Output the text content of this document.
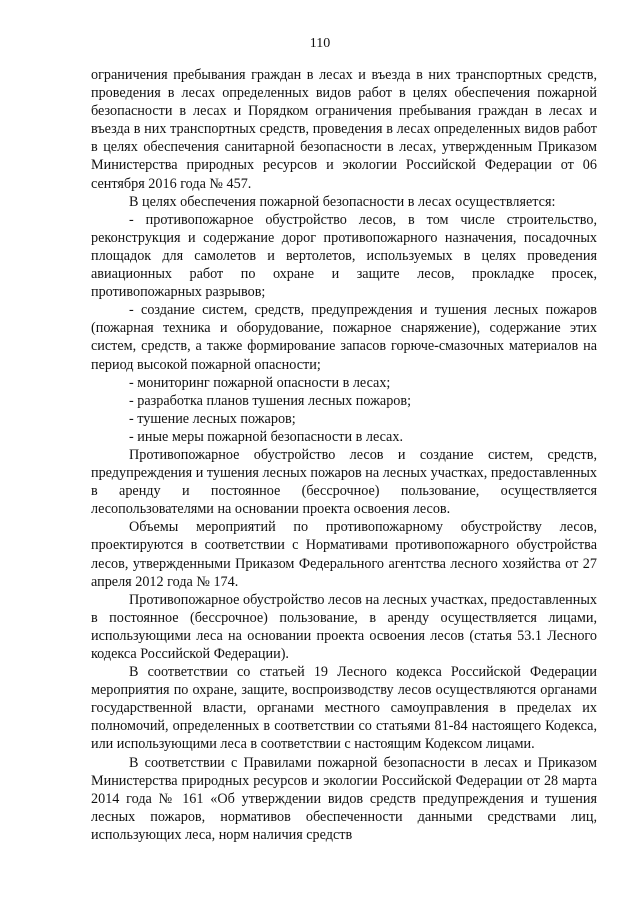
110

ограничения пребывания граждан в лесах и въезда в них транспортных средств, проведения в лесах определенных видов работ в целях обеспечения пожарной безопасности в лесах и Порядком ограничения пребывания граждан в лесах и въезда в них транспортных средств, проведения в лесах определенных видов работ в целях обеспечения санитарной безопасности в лесах, утвержденным Приказом Министерства природных ресурсов и экологии Российской Федерации от 06 сентября 2016 года № 457.

В целях обеспечения пожарной безопасности в лесах осуществляется:

- противопожарное обустройство лесов, в том числе строительство, реконструкция и содержание дорог противопожарного назначения, посадочных площадок для самолетов и вертолетов, используемых в целях проведения авиационных работ по охране и защите лесов, прокладке просек, противопожарных разрывов;

- создание систем, средств, предупреждения и тушения лесных пожаров (пожарная техника и оборудование, пожарное снаряжение), содержание этих систем, средств, а также формирование запасов горюче-смазочных материалов на период высокой пожарной опасности;

- мониторинг пожарной опасности в лесах;

- разработка планов тушения лесных пожаров;

- тушение лесных пожаров;

- иные меры пожарной безопасности в лесах.

Противопожарное обустройство лесов и создание систем, средств, предупреждения и тушения лесных пожаров на лесных участках, предоставленных в аренду и постоянное (бессрочное) пользование, осуществляется лесопользователями на основании проекта освоения лесов.

Объемы мероприятий по противопожарному обустройству лесов, проектируются в соответствии с Нормативами противопожарного обустройства лесов, утвержденными Приказом Федерального агентства лесного хозяйства от 27 апреля 2012 года № 174.

Противопожарное обустройство лесов на лесных участках, предоставленных в постоянное (бессрочное) пользование, в аренду осуществляется лицами, использующими леса на основании проекта освоения лесов (статья 53.1 Лесного кодекса Российской Федерации).

В соответствии со статьей 19 Лесного кодекса Российской Федерации мероприятия по охране, защите, воспроизводству лесов осуществляются органами государственной власти, органами местного самоуправления в пределах их полномочий, определенных в соответствии со статьями 81-84 настоящего Кодекса, или использующими леса в соответствии с настоящим Кодексом лицами.

В соответствии с Правилами пожарной безопасности в лесах и Приказом Министерства природных ресурсов и экологии Российской Федерации от 28 марта 2014 года № 161 «Об утверждении видов средств предупреждения и тушения лесных пожаров, нормативов обеспеченности данными средствами лиц, использующих леса, норм наличия средств
